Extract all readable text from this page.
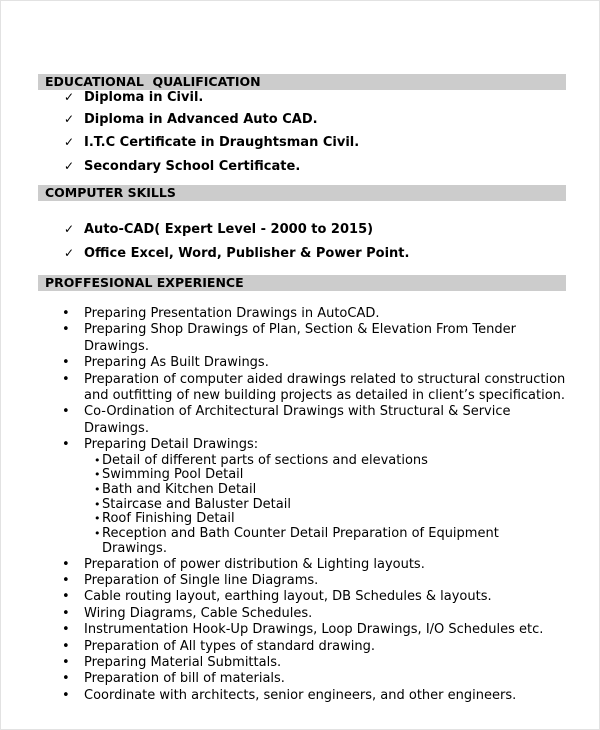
EDUCATIONAL  QUALIFICATION
✓ Diploma in Civil.
✓ Diploma in Advanced Auto CAD.
✓ I.T.C Certificate in Draughtsman Civil.
✓ Secondary School Certificate.
COMPUTER SKILLS
✓ Auto-CAD( Expert Level - 2000 to 2015)
✓ Office Excel, Word, Publisher & Power Point.
PROFFESIONAL EXPERIENCE
• Preparing Presentation Drawings in AutoCAD.
• Preparing Shop Drawings of Plan, Section & Elevation From Tender Drawings.
• Preparing As Built Drawings.
• Preparation of computer aided drawings related to structural construction and outfitting of new building projects as detailed in client’s specification.
• Co-Ordination of Architectural Drawings with Structural & Service Drawings.
• Preparing Detail Drawings:
• Detail of different parts of sections and elevations
• Swimming Pool Detail
• Bath and Kitchen Detail
• Staircase and Baluster Detail
• Roof Finishing Detail
• Reception and Bath Counter Detail Preparation of Equipment Drawings.
• Preparation of power distribution & Lighting layouts.
• Preparation of Single line Diagrams.
• Cable routing layout, earthing layout, DB Schedules & layouts.
• Wiring Diagrams, Cable Schedules.
• Instrumentation Hook-Up Drawings, Loop Drawings, I/O Schedules etc.
• Preparation of All types of standard drawing.
• Preparing Material Submittals.
• Preparation of bill of materials.
• Coordinate with architects, senior engineers, and other engineers.
